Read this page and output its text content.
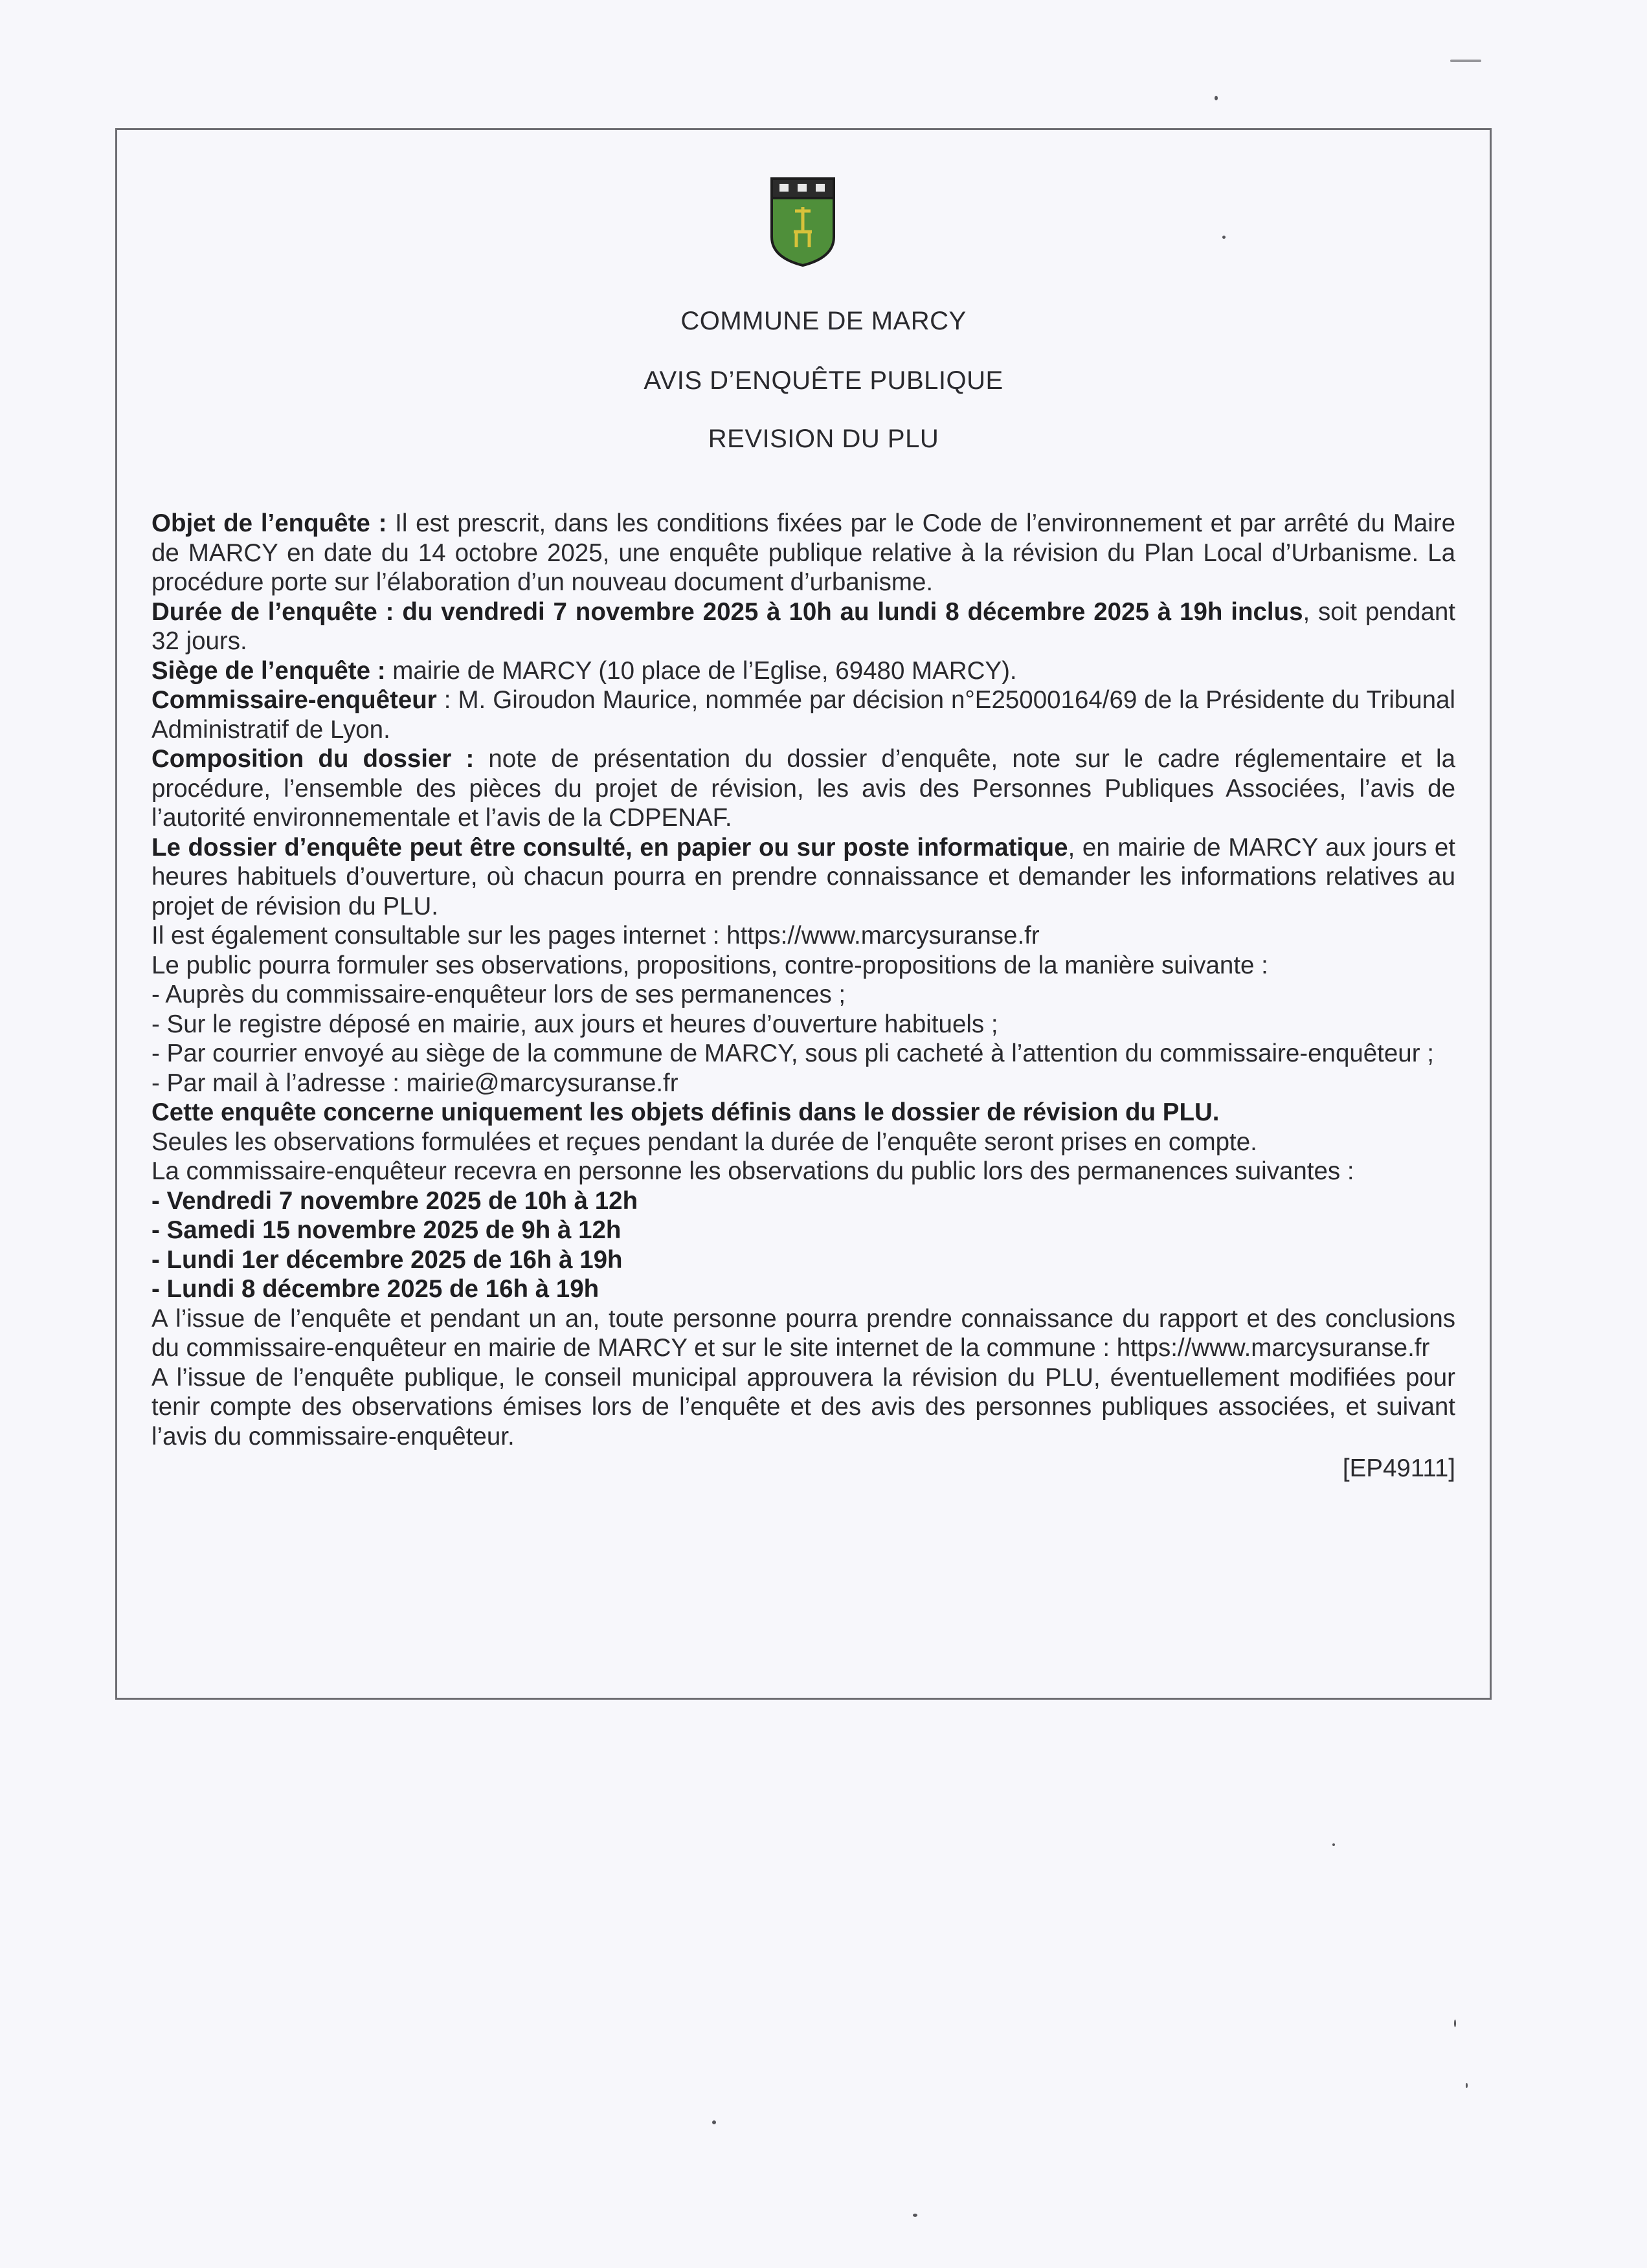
COMMUNE DE MARCY
AVIS D’ENQUÊTE PUBLIQUE
REVISION DU PLU

Objet de l’enquête : Il est prescrit, dans les conditions fixées par le Code de l’environnement et par arrêté du Maire de MARCY en date du 14 octobre 2025, une enquête publique relative à la révision du Plan Local d’Urbanisme. La procédure porte sur l’élaboration d’un nouveau document d’urbanisme.

Durée de l’enquête : du vendredi 7 novembre 2025 à 10h au lundi 8 décembre 2025 à 19h inclus, soit pendant 32 jours.

Siège de l’enquête : mairie de MARCY (10 place de l’Eglise, 69480 MARCY).

Commissaire-enquêteur : M. Giroudon Maurice, nommée par décision n°E25000164/69 de la Présidente du Tribunal Administratif de Lyon.

Composition du dossier : note de présentation du dossier d’enquête, note sur le cadre réglementaire et la procédure, l’ensemble des pièces du projet de révision, les avis des Personnes Publiques Associées, l’avis de l’autorité environnementale et l’avis de la CDPENAF.

Le dossier d’enquête peut être consulté, en papier ou sur poste informatique, en mairie de MARCY aux jours et heures habituels d’ouverture, où chacun pourra en prendre connaissance et demander les informations relatives au projet de révision du PLU.

Il est également consultable sur les pages internet : https://www.marcysuranse.fr

Le public pourra formuler ses observations, propositions, contre-propositions de la manière suivante :

- Auprès du commissaire-enquêteur lors de ses permanences ;

- Sur le registre déposé en mairie, aux jours et heures d’ouverture habituels ;

- Par courrier envoyé au siège de la commune de MARCY, sous pli cacheté à l’attention du commissaire-enquêteur ;

- Par mail à l’adresse : mairie@marcysuranse.fr

Cette enquête concerne uniquement les objets définis dans le dossier de révision du PLU.

Seules les observations formulées et reçues pendant la durée de l’enquête seront prises en compte.

La commissaire-enquêteur recevra en personne les observations du public lors des permanences suivantes :

- Vendredi 7 novembre 2025 de 10h à 12h

- Samedi 15 novembre 2025 de 9h à 12h

- Lundi 1er décembre 2025 de 16h à 19h

- Lundi 8 décembre 2025 de 16h à 19h

A l’issue de l’enquête et pendant un an, toute personne pourra prendre connaissance du rapport et des conclusions du commissaire-enquêteur en mairie de MARCY et sur le site internet de la commune : https://www.marcysuranse.fr

A l’issue de l’enquête publique, le conseil municipal approuvera la révision du PLU, éventuellement modifiées pour tenir compte des observations émises lors de l’enquête et des avis des personnes publiques associées, et suivant l’avis du commissaire-enquêteur.

[EP49111]
